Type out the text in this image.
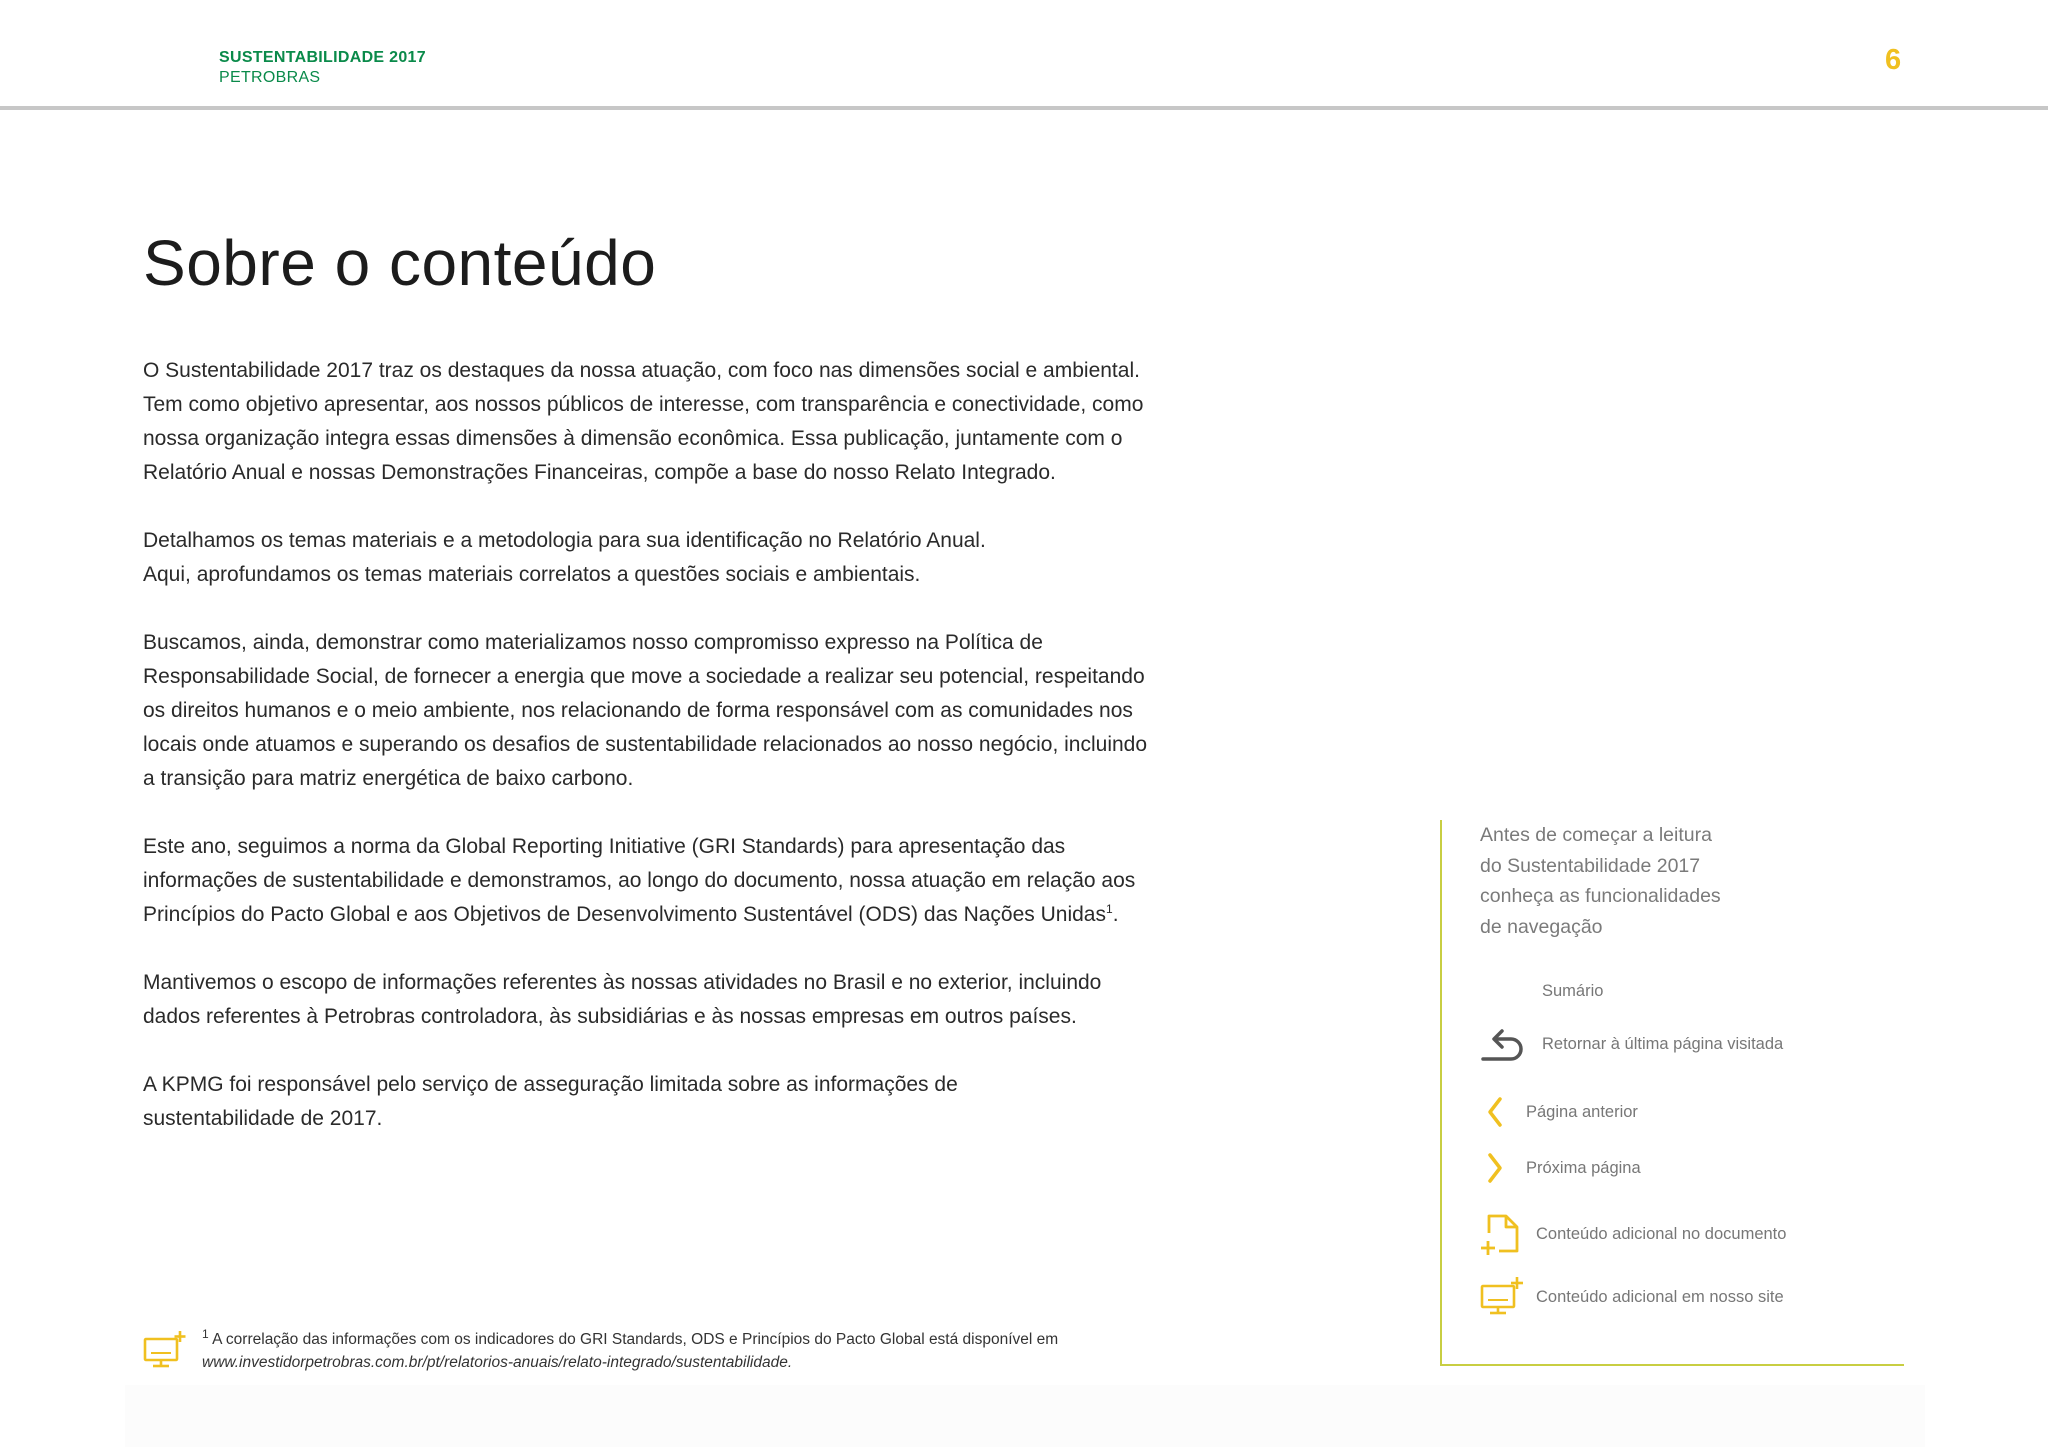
SUSTENTABILIDADE 2017
PETROBRAS
6
Sobre o conteúdo

O Sustentabilidade 2017 traz os destaques da nossa atuação, com foco nas dimensões social e ambiental.
Tem como objetivo apresentar, aos nossos públicos de interesse, com transparência e conectividade, como
nossa organização integra essas dimensões à dimensão econômica. Essa publicação, juntamente com o
Relatório Anual e nossas Demonstrações Financeiras, compõe a base do nosso Relato Integrado.

Detalhamos os temas materiais e a metodologia para sua identificação no Relatório Anual.
Aqui, aprofundamos os temas materiais correlatos a questões sociais e ambientais.

Buscamos, ainda, demonstrar como materializamos nosso compromisso expresso na Política de
Responsabilidade Social, de fornecer a energia que move a sociedade a realizar seu potencial, respeitando
os direitos humanos e o meio ambiente, nos relacionando de forma responsável com as comunidades nos
locais onde atuamos e superando os desafios de sustentabilidade relacionados ao nosso negócio, incluindo
a transição para matriz energética de baixo carbono.

Este ano, seguimos a norma da Global Reporting Initiative (GRI Standards) para apresentação das
informações de sustentabilidade e demonstramos, ao longo do documento, nossa atuação em relação aos
Princípios do Pacto Global e aos Objetivos de Desenvolvimento Sustentável (ODS) das Nações Unidas$^1$.

Mantivemos o escopo de informações referentes às nossas atividades no Brasil e no exterior, incluindo
dados referentes à Petrobras controladora, às subsidiárias e às nossas empresas em outros países.

A KPMG foi responsável pelo serviço de asseguração limitada sobre as informações de
sustentabilidade de 2017.

$^1$ A correlação das informações com os indicadores do GRI Standards, ODS e Princípios do Pacto Global está disponível em
www.investidorpetrobras.com.br/pt/relatorios-anuais/relato-integrado/sustentabilidade.
Antes de começar a leitura
do Sustentabilidade 2017
conheça as funcionalidades
de navegação
Sumário
Retornar à última página visitada
Página anterior
Próxima página
Conteúdo adicional no documento
Conteúdo adicional em nosso site
